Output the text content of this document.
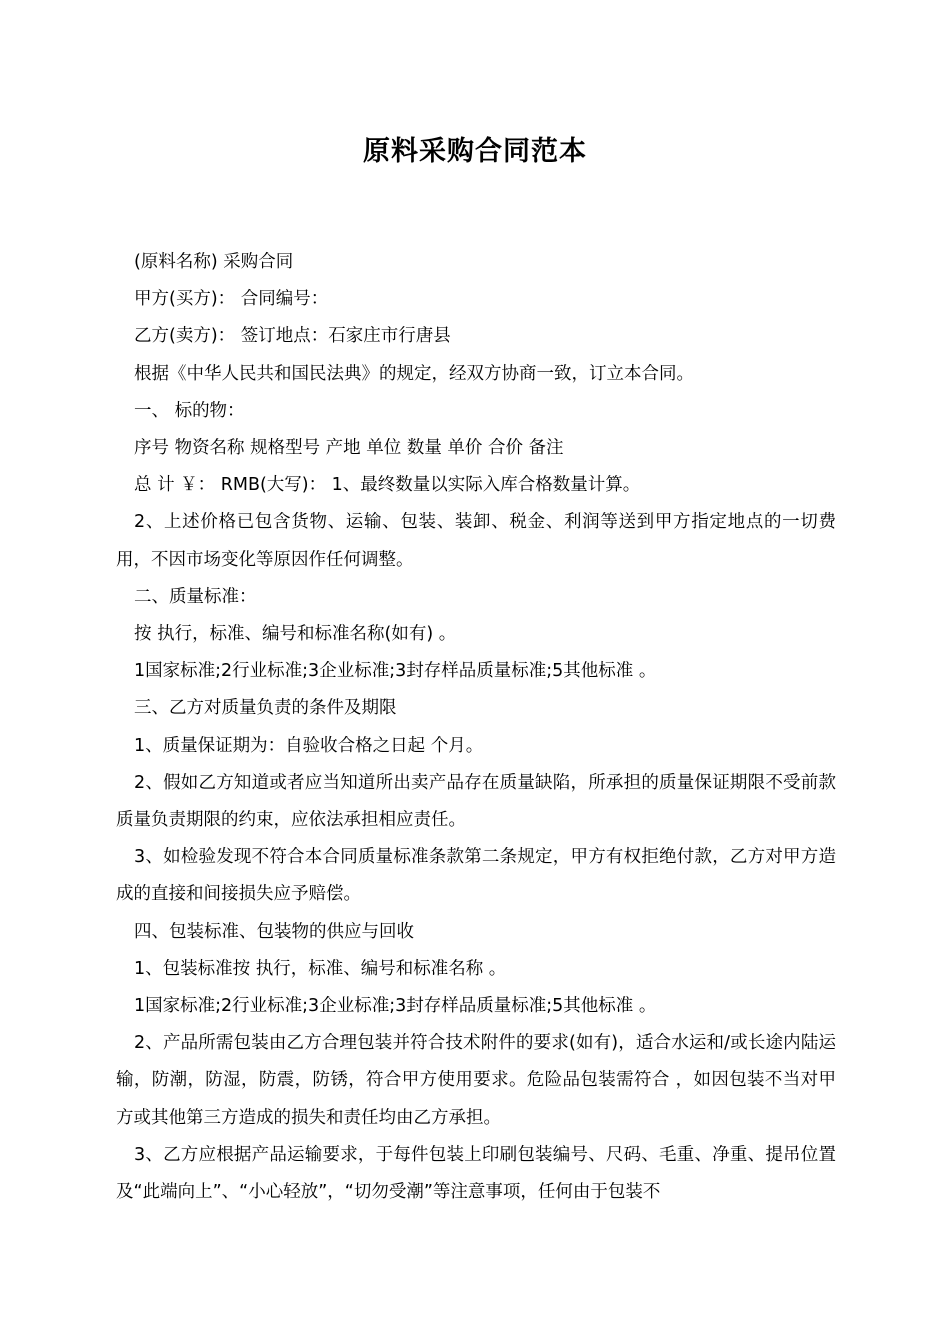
原料采购合同范本

(原料名称) 采购合同

甲方(买方)： 合同编号：

乙方(卖方)： 签订地点：石家庄市行唐县

根据《中华人民共和国民法典》的规定，经双方协商一致，订立本合同。

一、 标的物：

序号 物资名称 规格型号 产地 单位 数量 单价 合价 备注

总 计 ￥： RMB(大写)： 1、最终数量以实际入库合格数量计算。

2、上述价格已包含货物、运输、包装、装卸、税金、利润等送到甲方指定地点的一切费用，不因市场变化等原因作任何调整。

二、质量标准：

按 执行，标准、编号和标准名称(如有) 。

1国家标准;2行业标准;3企业标准;3封存样品质量标准;5其他标准 。

三、乙方对质量负责的条件及期限

1、质量保证期为：自验收合格之日起 个月。

2、假如乙方知道或者应当知道所出卖产品存在质量缺陷，所承担的质量保证期限不受前款质量负责期限的约束，应依法承担相应责任。

3、如检验发现不符合本合同质量标准条款第二条规定，甲方有权拒绝付款，乙方对甲方造成的直接和间接损失应予赔偿。

四、包装标准、包装物的供应与回收

1、包装标准按 执行，标准、编号和标准名称 。

1国家标准;2行业标准;3企业标准;3封存样品质量标准;5其他标准 。

2、产品所需包装由乙方合理包装并符合技术附件的要求(如有)，适合水运和/或长途内陆运输，防潮，防湿，防震，防锈，符合甲方使用要求。危险品包装需符合 ，如因包装不当对甲方或其他第三方造成的损失和责任均由乙方承担。

3、乙方应根据产品运输要求，于每件包装上印刷包装编号、尺码、毛重、净重、提吊位置及“此端向上”、“小心轻放”，“切勿受潮”等注意事项，任何由于包装不
